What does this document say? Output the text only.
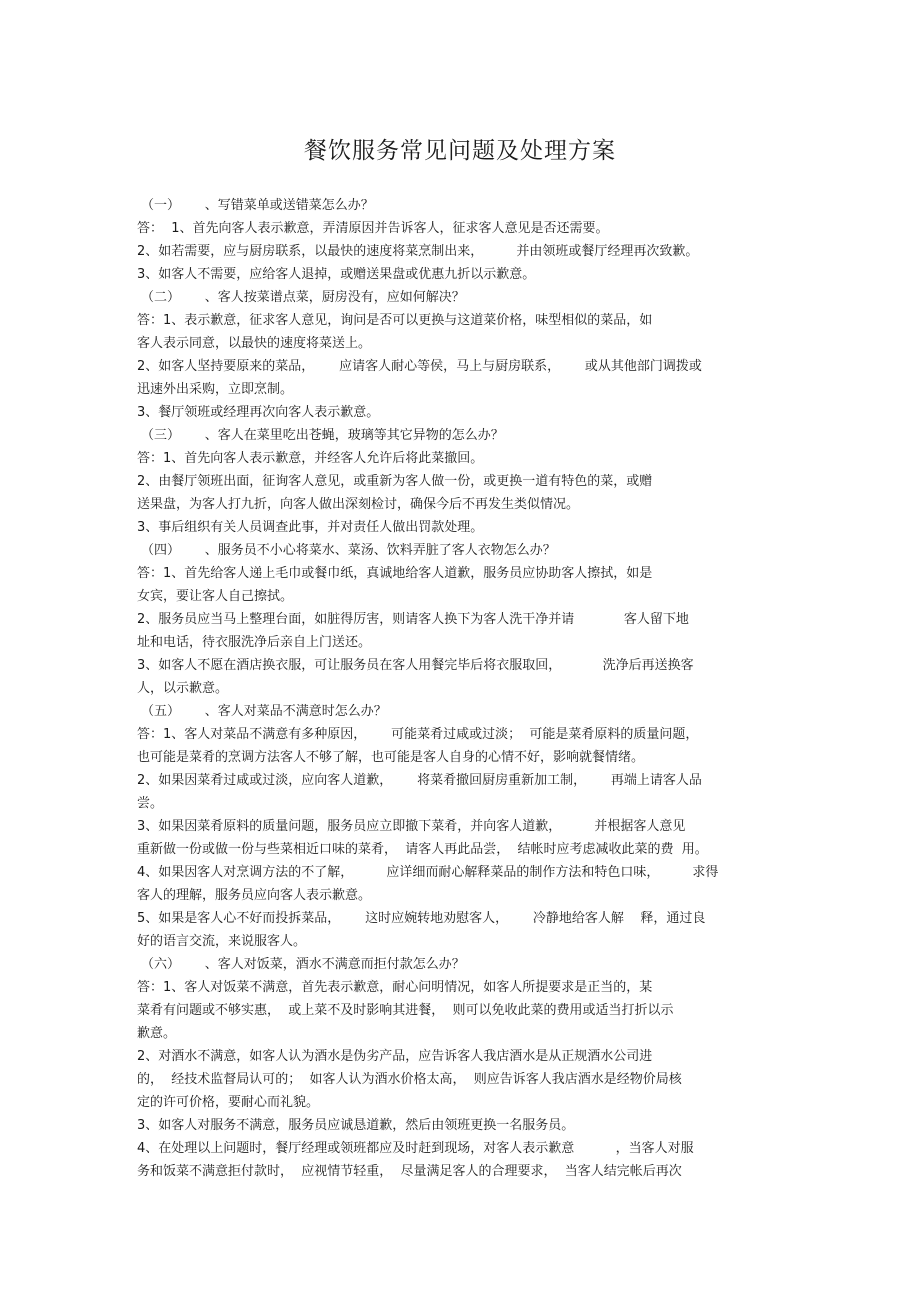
餐饮服务常见问题及处理方案
（一）      、写错菜单或送错菜怎么办？
答：  1、首先向客人表示歉意，弄清原因并告诉客人，征求客人意见是否还需要。
2、如若需要，应与厨房联系，以最快的速度将菜烹制出来，        并由领班或餐厅经理再次致歉。
3、如客人不需要，应给客人退掉，或赠送果盘或优惠九折以示歉意。
（二）      、客人按菜谱点菜，厨房没有，应如何解决？
答：1、表示歉意，征求客人意见，询问是否可以更换与这道菜价格，味型相似的菜品，如
客人表示同意，以最快的速度将菜送上。
2、如客人坚持要原来的菜品，      应请客人耐心等侯，马上与厨房联系，      或从其他部门调拨或
迅速外出采购，立即烹制。
3、餐厅领班或经理再次向客人表示歉意。
（三）      、客人在菜里吃出苍蝇，玻璃等其它异物的怎么办？
答：1、首先向客人表示歉意，并经客人允许后将此菜撤回。
2、由餐厅领班出面，征询客人意见，或重新为客人做一份，或更换一道有特色的菜，或赠
送果盘，为客人打九折，向客人做出深刻检讨，确保今后不再发生类似情况。
3、事后组织有关人员调查此事，并对责任人做出罚款处理。
（四）      、服务员不小心将菜水、菜汤、饮料弄脏了客人衣物怎么办？
答：1、首先给客人递上毛巾或餐巾纸，真诚地给客人道歉，服务员应协助客人擦拭，如是
女宾，要让客人自己擦拭。
2、服务员应当马上整理台面，如脏得厉害，则请客人换下为客人洗干净并请            客人留下地
址和电话，待衣服洗净后亲自上门送还。
3、如客人不愿在酒店换衣服，可让服务员在客人用餐完毕后将衣服取回，          洗净后再送换客
人，以示歉意。
（五）      、客人对菜品不满意时怎么办？
答：1、客人对菜品不满意有多种原因，      可能菜肴过咸或过淡；  可能是菜肴原料的质量问题，
也可能是菜肴的烹调方法客人不够了解，也可能是客人自身的心情不好，影响就餐情绪。
2、如果因菜肴过咸或过淡，应向客人道歉，      将菜肴撤回厨房重新加工制，      再端上请客人品
尝。
3、如果因菜肴原料的质量问题，服务员应立即撤下菜肴，并向客人道歉，        并根据客人意见
重新做一份或做一份与些菜相近口味的菜肴，  请客人再此品尝，  结帐时应考虑减收此菜的费  用。
4、如果因客人对烹调方法的不了解，        应详细而耐心解释菜品的制作方法和特色口味，        求得
客人的理解，服务员应向客人表示歉意。
5、如果是客人心不好而投拆菜品，      这时应婉转地劝慰客人，      冷静地给客人解    释，通过良
好的语言交流，来说服客人。
（六）      、客人对饭菜，酒水不满意而拒付款怎么办？
答：1、客人对饭菜不满意，首先表示歉意，耐心问明情况，如客人所提要求是正当的，某
菜肴有问题或不够实惠，  或上菜不及时影响其进餐，  则可以免收此菜的费用或适当打折以示
歉意。
2、对酒水不满意，如客人认为酒水是伪劣产品，应告诉客人我店酒水是从正规酒水公司进
的，  经技术监督局认可的；  如客人认为酒水价格太高，  则应告诉客人我店酒水是经物价局核
定的许可价格，要耐心而礼貌。
3、如客人对服务不满意，服务员应诚恳道歉，然后由领班更换一名服务员。
4、在处理以上问题时，餐厅经理或领班都应及时赶到现场，对客人表示歉意          ，当客人对服
务和饭菜不满意拒付款时，  应视情节轻重，  尽量满足客人的合理要求，  当客人结完帐后再次
